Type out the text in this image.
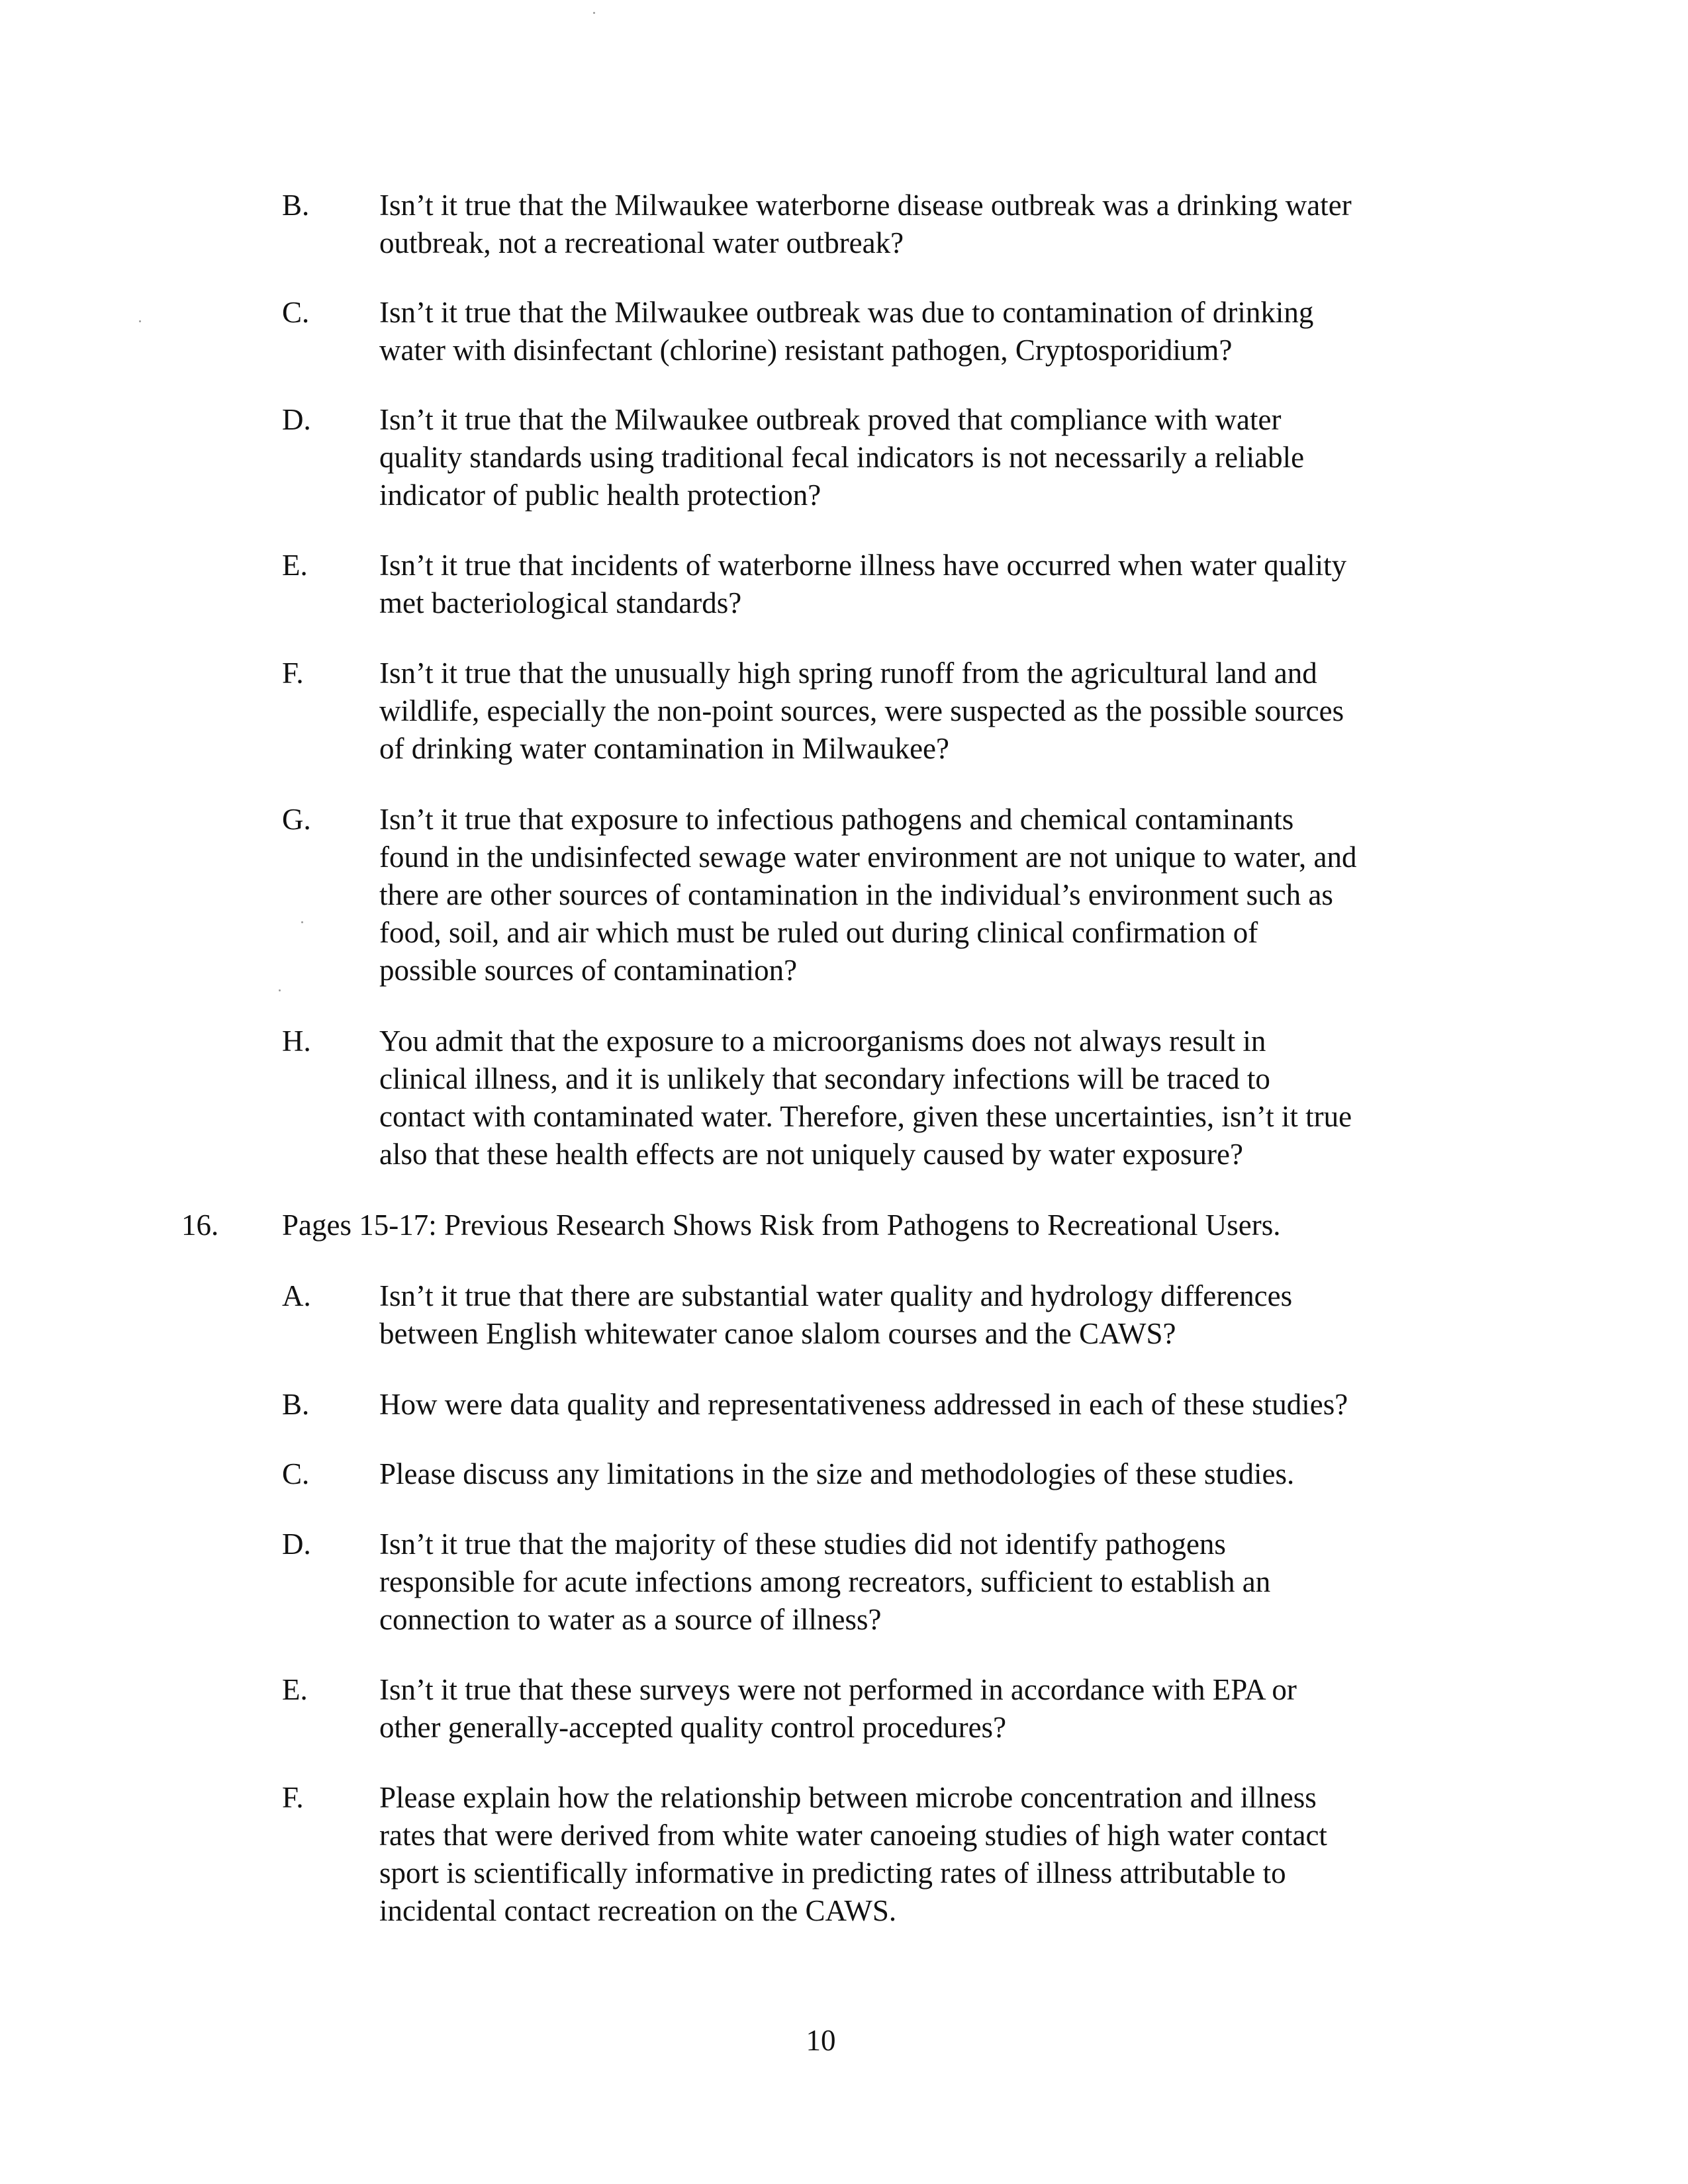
B.	Isn’t it true that the Milwaukee waterborne disease outbreak was a drinking water
outbreak, not a recreational water outbreak?
C.	Isn’t it true that the Milwaukee outbreak was due to contamination of drinking
water with disinfectant (chlorine) resistant pathogen, Cryptosporidium?
D.	Isn’t it true that the Milwaukee outbreak proved that compliance with water
quality standards using traditional fecal indicators is not necessarily a reliable
indicator of public health protection?
E.	Isn’t it true that incidents of waterborne illness have occurred when water quality
met bacteriological standards?
F.	Isn’t it true that the unusually high spring runoff from the agricultural land and
wildlife, especially the non-point sources, were suspected as the possible sources
of drinking water contamination in Milwaukee?
G.	Isn’t it true that exposure to infectious pathogens and chemical contaminants
found in the undisinfected sewage water environment are not unique to water, and
there are other sources of contamination in the individual’s environment such as
food, soil, and air which must be ruled out during clinical confirmation of
possible sources of contamination?
H.	You admit that the exposure to a microorganisms does not always result in
clinical illness, and it is unlikely that secondary infections will be traced to
contact with contaminated water. Therefore, given these uncertainties, isn’t it true
also that these health effects are not uniquely caused by water exposure?
16. Pages 15-17: Previous Research Shows Risk from Pathogens to Recreational Users.
A.	Isn’t it true that there are substantial water quality and hydrology differences
between English whitewater canoe slalom courses and the CAWS?
B.	How were data quality and representativeness addressed in each of these studies?
C.	Please discuss any limitations in the size and methodologies of these studies.
D.	Isn’t it true that the majority of these studies did not identify pathogens
responsible for acute infections among recreators, sufficient to establish an
connection to water as a source of illness?
E.	Isn’t it true that these surveys were not performed in accordance with EPA or
other generally-accepted quality control procedures?
F.	Please explain how the relationship between microbe concentration and illness
rates that were derived from white water canoeing studies of high water contact
sport is scientifically informative in predicting rates of illness attributable to
incidental contact recreation on the CAWS.
10
